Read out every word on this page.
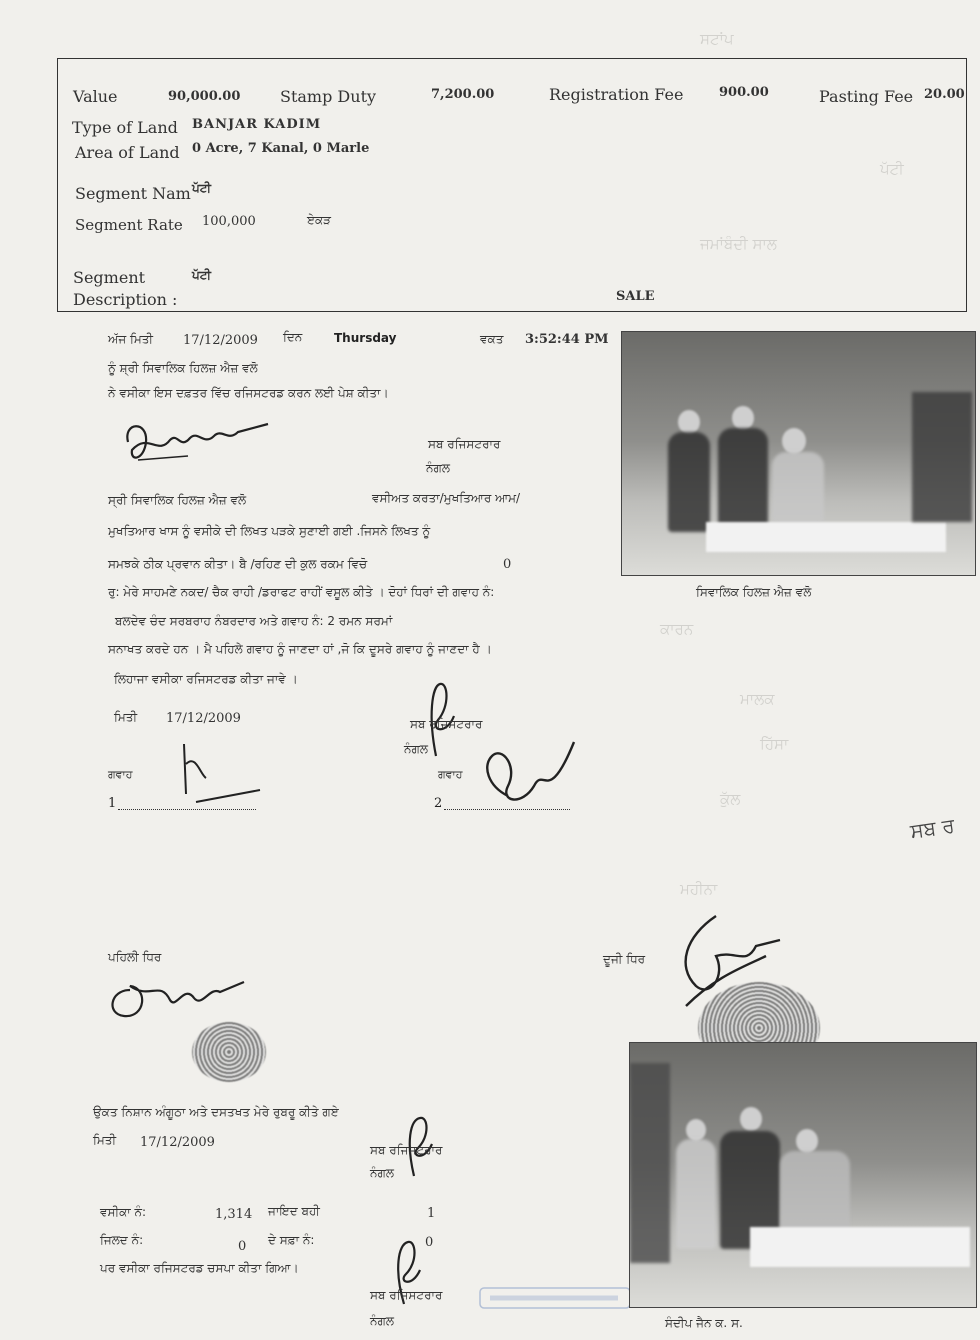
ਸਟਾਂਪ
ਪੱਟੀ
ਜਮਾਂਬੰਦੀ ਸਾਲ
ਕਾਰਨ
ਮਾਲਕ
ਹਿੱਸਾ
ਕੁੱਲ
ਮਹੀਨਾ
Value	90,000.00 Stamp Duty	7,200.00	Registration Fee	900.00	Pasting Fee 20.00
Type of Land BANJAR KADIM
Area of Land 0 Acre, 7 Kanal, 0 Marle
Segment Nam ਪੱਟੀ
Segment Rate 100,000	ਏਕੜ
Segment
Description :
ਪੱਟੀ
SALE
ਅੱਜ ਮਿਤੀ 17/12/2009 ਦਿਨ	Thursday	ਵਕਤ 3:52:44 PM
ਨੂੰ ਸ਼੍ਰੀ ਸਿਵਾਲਿਕ ਹਿਲਜ਼ ਐਜ਼ ਵਲੋ
ਨੇ ਵਸੀਕਾ ਇਸ ਦਫ਼ਤਰ ਵਿੱਚ ਰਜਿਸਟਰਡ ਕਰਨ ਲਈ ਪੇਸ਼ ਕੀਤਾ।
ਸਬ ਰਜਿਸਟਰਾਰ
ਨੰਗਲ
ਸ੍ਰੀ ਸਿਵਾਲਿਕ ਹਿਲਜ਼ ਐਜ਼ ਵਲੋ	ਵਸੀਅਤ ਕਰਤਾ/ਮੁਖਤਿਆਰ ਆਮ/
ਮੁਖਤਿਆਰ ਖਾਸ ਨੂੰ ਵਸੀਕੇ ਦੀ ਲਿਖਤ ਪੜਕੇ ਸੁਣਾਈ ਗਈ .ਜਿਸਨੇ ਲਿਖਤ ਨੂੰ
ਸਮਝਕੇ ਠੀਕ ਪ੍ਰਵਾਨ ਕੀਤਾ। ਬੈ /ਰਹਿਣ ਦੀ ਕੁਲ ਰਕਮ ਵਿਚੋ	0
ਰੁ: ਮੇਰੇ ਸਾਹਮਣੇ ਨਕਦ/ ਚੈਕ ਰਾਹੀ /ਡਰਾਫਟ ਰਾਹੀਂ ਵਸੂਲ ਕੀਤੇ । ਦੋਹਾਂ ਧਿਰਾਂ ਦੀ ਗਵਾਹ ਨੰ:	ਸਿਵਾਲਿਕ ਹਿਲਜ਼ ਐਜ਼ ਵਲੋ
ਬਲਦੇਵ ਚੰਦ ਸਰਬਰਾਹ ਨੰਬਰਦਾਰ ਅਤੇ ਗਵਾਹ ਨੰ: 2 ਰਮਨ ਸਰਮਾਂ
ਸਨਾਖਤ ਕਰਦੇ ਹਨ । ਮੈ ਪਹਿਲੇ ਗਵਾਹ ਨੂੰ ਜਾਣਦਾ ਹਾਂ ,ਜੋ ਕਿ ਦੂਸਰੇ ਗਵਾਹ ਨੂੰ ਜਾਣਦਾ ਹੈ ।
ਲਿਹਾਜਾ ਵਸੀਕਾ ਰਜਿਸਟਰਡ ਕੀਤਾ ਜਾਵੇ ।
ਮਿਤੀ 17/12/2009	ਸਬ ਰਜਿਸਟਰਾਰ
ਨੰਗਲ
ਗਵਾਹ	ਗਵਾਹ
1	2
ਪਹਿਲੀ ਧਿਰ	ਦੂਜੀ ਧਿਰ
ਉਕਤ ਨਿਸ਼ਾਨ ਅੰਗੂਠਾ ਅਤੇ ਦਸਤਖਤ ਮੇਰੇ ਰੁਬਰੂ ਕੀਤੇ ਗਏ
ਮਿਤੀ 17/12/2009	ਸਬ ਰਜਿਸਟਰਾਰ
ਨੰਗਲ
ਵਸੀਕਾ ਨੰ:	1,314 ਜਾਇਦ ਬਹੀ	1
ਜਿਲਦ ਨੰ:	0 ਦੇ ਸਫ਼ਾ ਨੰ:	0
ਪਰ ਵਸੀਕਾ ਰਜਿਸਟਰਡ ਚਸਪਾ ਕੀਤਾ ਗਿਆ।
ਸਬ ਰਜਿਸਟਰਾਰ
ਨੰਗਲ	ਸੰਦੀਪ ਜੈਨ ਕ. ਸ.
ਸਬ ਰ
